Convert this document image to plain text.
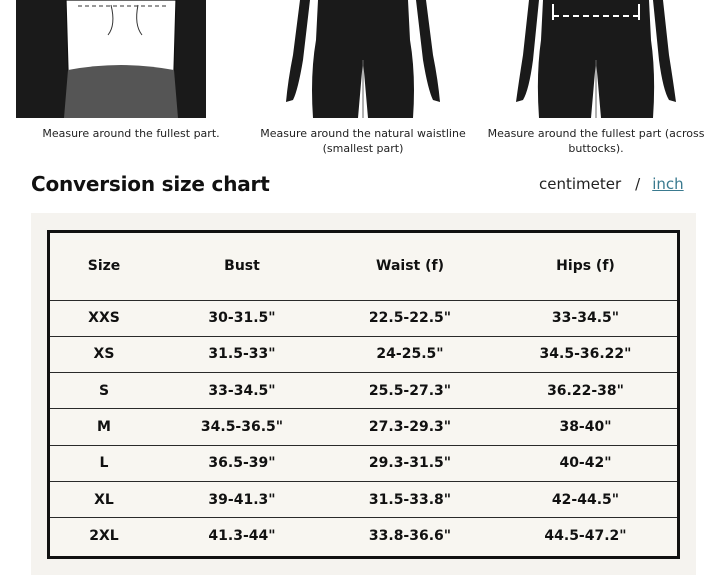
Measure around the fullest part.	Measure around the natural waistline (smallest part)
Measure around the fullest part (across buttocks).
Conversion size chart	centimeter / inch
Size	Bust	Waist (f)	Hips (f)
XXS	30-31.5"	22.5-22.5"	33-34.5"
XS	31.5-33"	24-25.5"	34.5-36.22"
S	33-34.5"	25.5-27.3"	36.22-38"
M	34.5-36.5"	27.3-29.3"	38-40"
L	36.5-39"	29.3-31.5"	40-42"
XL	39-41.3"	31.5-33.8"	42-44.5"
2XL	41.3-44"	33.8-36.6"	44.5-47.2"
